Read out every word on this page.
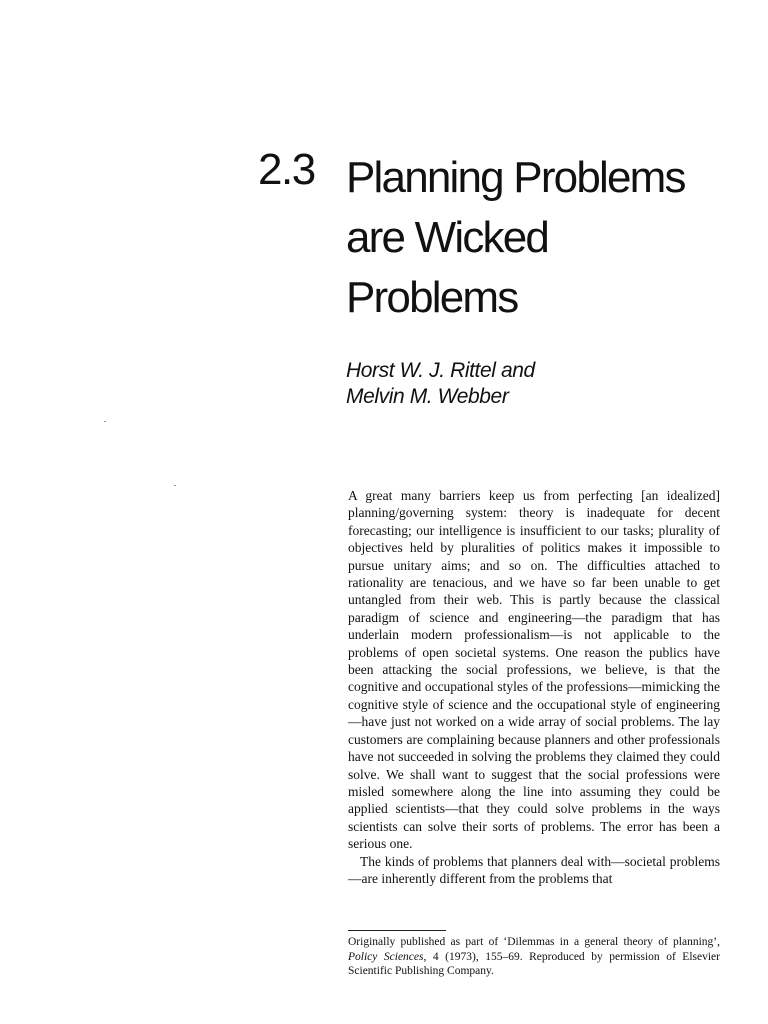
2.3 Planning Problems
are Wicked
Problems
Horst W. J. Rittel and
Melvin M. Webber

A great many barriers keep us from perfecting [an idealized] planning/governing system: theory is inadequate for decent forecasting; our intelligence is insufficient to our tasks; plurality of objectives held by pluralities of politics makes it impossible to pursue unitary aims; and so on. The difficulties attached to rationality are tenacious, and we have so far been unable to get untangled from their web. This is partly because the classical paradigm of science and engineering—the paradigm that has underlain modern professionalism—is not applicable to the problems of open societal systems. One reason the publics have been attacking the social professions, we believe, is that the cognitive and occupational styles of the professions—mimicking the cognitive style of science and the occupational style of engineering—have just not worked on a wide array of social problems. The lay customers are complaining because planners and other professionals have not succeeded in solving the problems they claimed they could solve. We shall want to suggest that the social professions were misled somewhere along the line into assuming they could be applied scientists—that they could solve problems in the ways scientists can solve their sorts of problems. The error has been a serious one.

The kinds of problems that planners deal with—societal problems—are inherently different from the problems that

Originally published as part of ‘Dilemmas in a general theory of planning’, Policy Sciences, 4 (1973), 155–69. Reproduced by permission of Elsevier Scientific Publishing Company.
